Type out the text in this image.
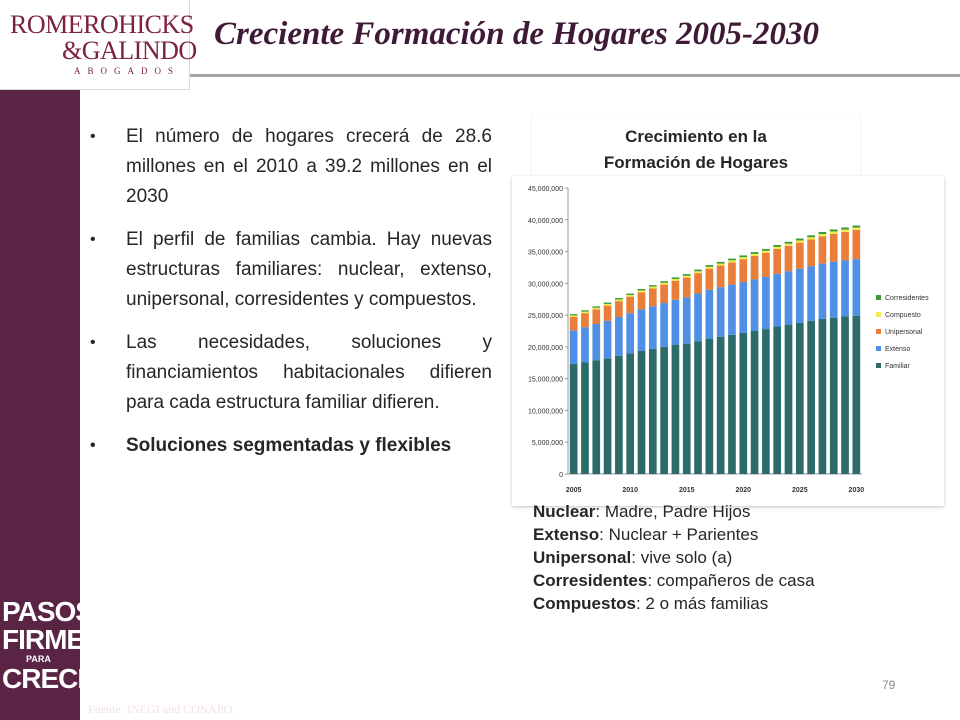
ROMEROHICKS
&GALINDO
ABOGADOS
Creciente Formación de Hogares 2005-2030
• El número de hogares crecerá de 28.6 millones en el 2010 a 39.2 millones en el 2030
• El perfil de familias cambia. Hay nuevas estructuras familiares: nuclear, extenso, unipersonal, corresidentes y compuestos.
• Las necesidades, soluciones y financiamientos habitacionales difieren para cada estructura familiar difieren.
• Soluciones segmentadas y flexibles
Crecimiento en la
Formación de Hogares
0
5,000,000
10,000,000
15,000,000
20,000,000
25,000,000
30,000,000
35,000,000
40,000,000
45,000,000
2005	2010	2015	2020	2025	2030
Corresidentes
Compuesto
Unipersonal
Extenso
Familiar
Nuclear: Madre, Padre Hijos
Extenso: Nuclear + Parientes
Unipersonal: vive solo (a)
Corresidentes: compañeros de casa
Compuestos: 2 o más familias
PASOS
FIRMES
PARA
CRECER	79
Fuente: INEGI and CONAPO.
